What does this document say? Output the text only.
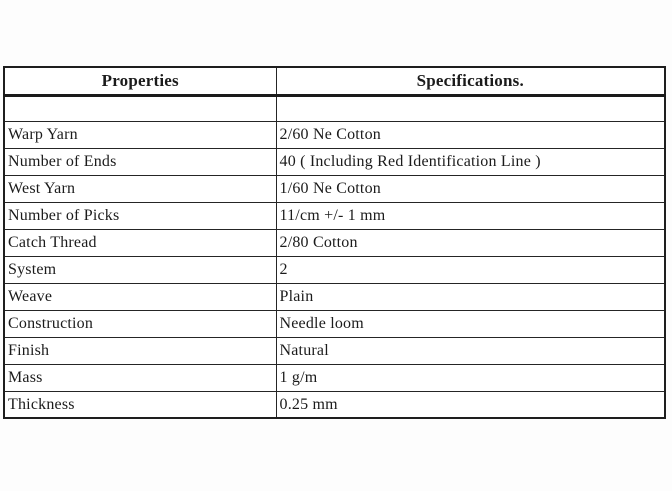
Properties	Specifications.

Warp Yarn	2/60 Ne Cotton
Number of Ends	40 ( Including Red Identification Line )
West Yarn	1/60 Ne Cotton
Number of Picks	11/cm +/- 1 mm
Catch Thread	2/80 Cotton
System	2
Weave	Plain
Construction	Needle loom
Finish	Natural
Mass	1 g/m
Thickness	0.25 mm
